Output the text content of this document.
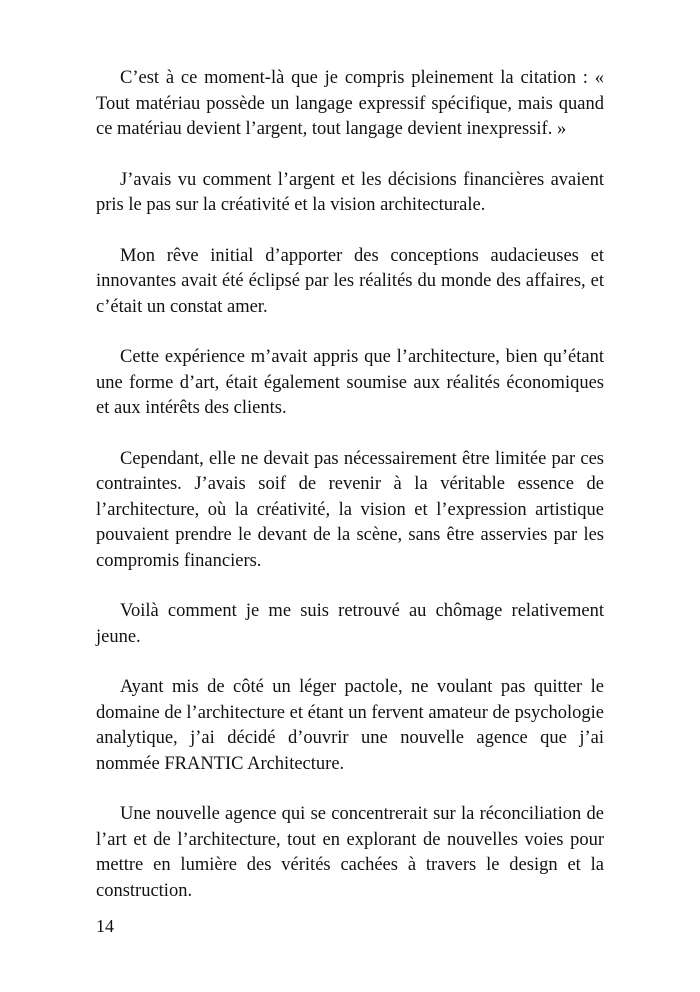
C’est à ce moment-là que je compris pleinement la citation : « Tout matériau possède un langage expressif spécifique, mais quand ce matériau devient l’argent, tout langage devient inexpressif. »

J’avais vu comment l’argent et les décisions financières avaient pris le pas sur la créativité et la vision architecturale.

Mon rêve initial d’apporter des conceptions audacieuses et innovantes avait été éclipsé par les réalités du monde des affaires, et c’était un constat amer.

Cette expérience m’avait appris que l’architecture, bien qu’étant une forme d’art, était également soumise aux réalités économiques et aux intérêts des clients.

Cependant, elle ne devait pas nécessairement être limitée par ces contraintes. J’avais soif de revenir à la véritable essence de l’architecture, où la créativité, la vision et l’expression artistique pouvaient prendre le devant de la scène, sans être asservies par les compromis financiers.

Voilà comment je me suis retrouvé au chômage relativement jeune.

Ayant mis de côté un léger pactole, ne voulant pas quitter le domaine de l’architecture et étant un fervent amateur de psychologie analytique, j’ai décidé d’ouvrir une nouvelle agence que j’ai nommée FRANTIC Architecture.

Une nouvelle agence qui se concentrerait sur la réconciliation de l’art et de l’architecture, tout en explorant de nouvelles voies pour mettre en lumière des vérités cachées à travers le design et la construction.

14
